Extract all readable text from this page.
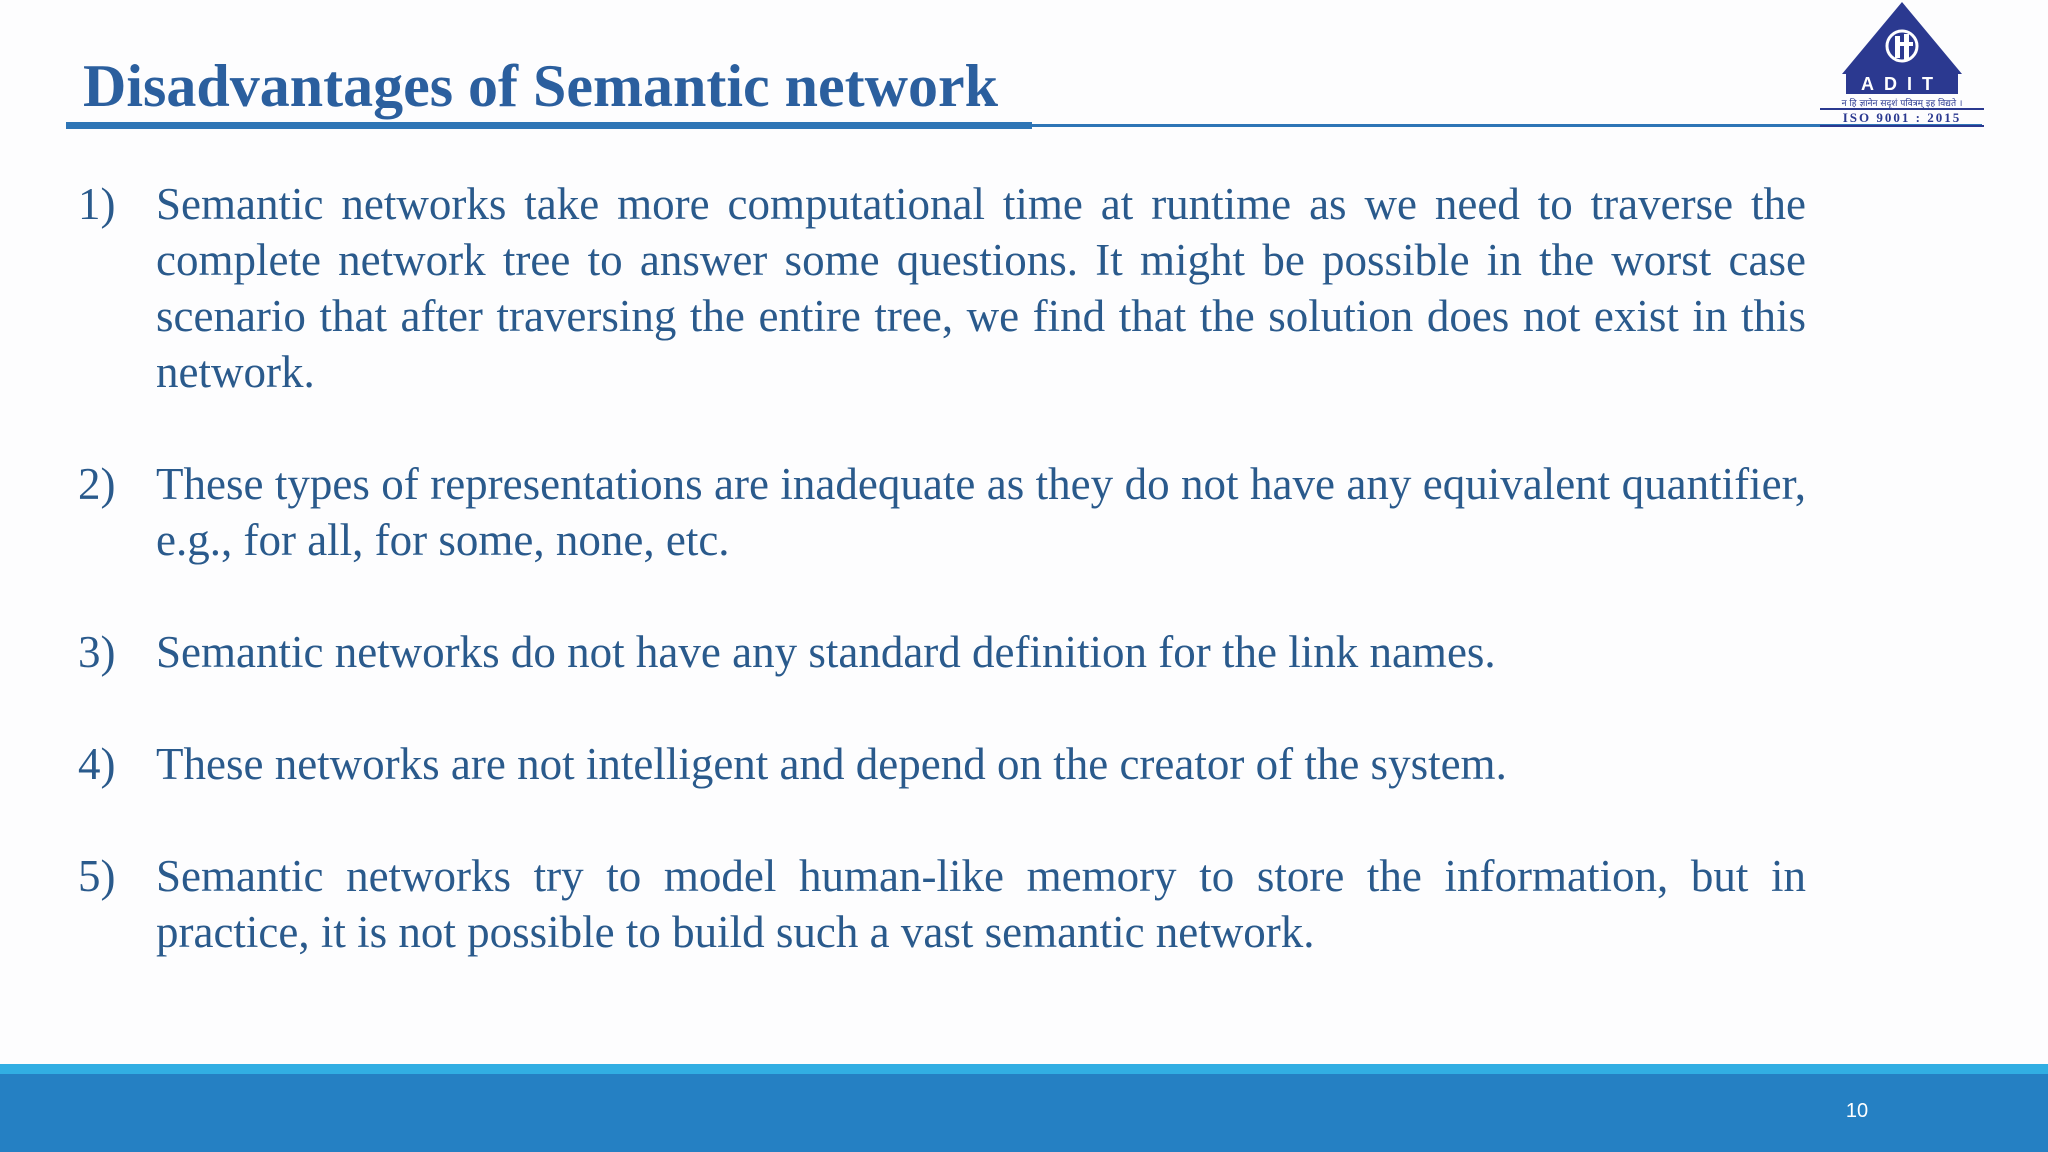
Disadvantages of Semantic network	ADIT
न हि ज्ञानेन सदृशं पवित्रम् इह विद्यते ।
ISO 9001 : 2015
1) Semantic networks take more computational time at runtime as we need to traverse the complete network tree to answer some questions. It might be possible in the worst case scenario that after traversing the entire tree, we find that the solution does not exist in this network.
2) These types of representations are inadequate as they do not have any equivalent quantifier, e.g., for all, for some, none, etc.
3) Semantic networks do not have any standard definition for the link names.
4) These networks are not intelligent and depend on the creator of the system.
5) Semantic networks try to model human-like memory to store the information, but in practice, it is not possible to build such a vast semantic network.
10
